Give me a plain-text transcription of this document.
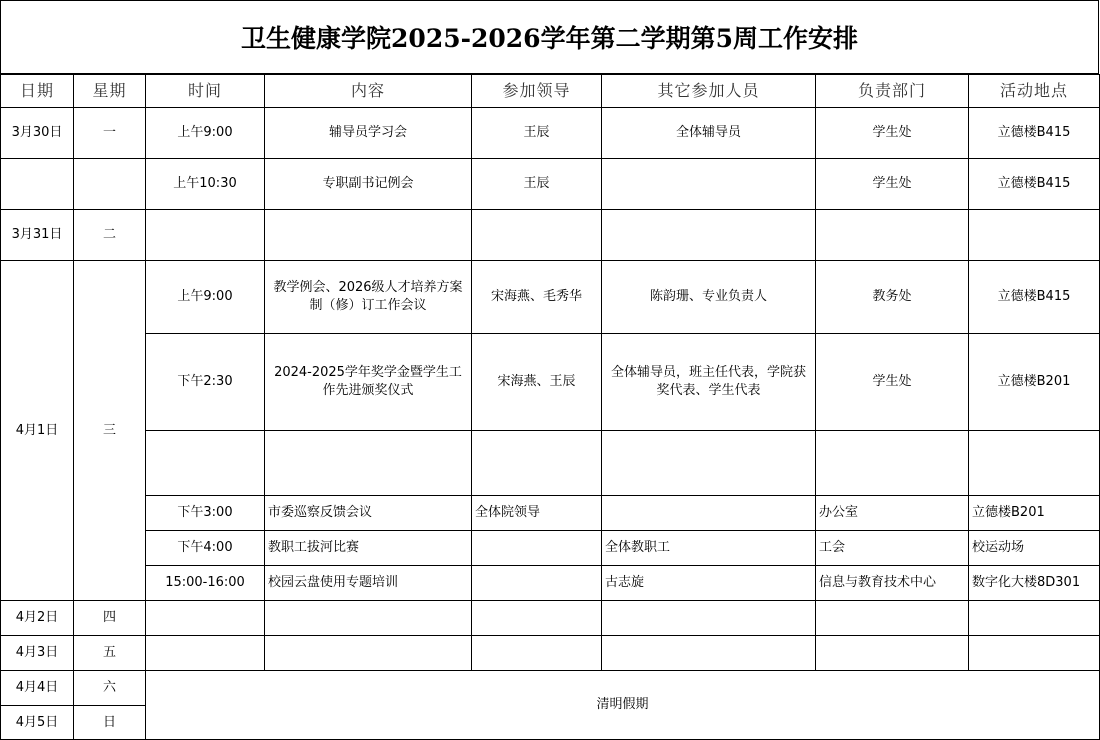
卫生健康学院2025-2026学年第二学期第5周工作安排
日期	星期	时间	内容	参加领导	其它参加人员	负责部门	活动地点
3月30日	一	上午9:00	辅导员学习会	王辰	全体辅导员	学生处	立德楼B415
		上午10:30	专职副书记例会	王辰		学生处	立德楼B415
3月31日	二						
4月1日	三	上午9:00	教学例会、2026级人才培养方案制（修）订工作会议	宋海燕、毛秀华	陈韵珊、专业负责人	教务处	立德楼B415
		下午2:30	2024-2025学年奖学金暨学生工作先进颁奖仪式	宋海燕、王辰	全体辅导员，班主任代表，学院获奖代表、学生代表	学生处	立德楼B201

		下午3:00	市委巡察反馈会议	全体院领导		办公室	立德楼B201
		下午4:00	教职工拔河比赛		全体教职工	工会	校运动场
		15:00-16:00	校园云盘使用专题培训		古志旋	信息与教育技术中心	数字化大楼8D301
4月2日	四						
4月3日	五						
4月4日	六	清明假期					
4月5日	日						
